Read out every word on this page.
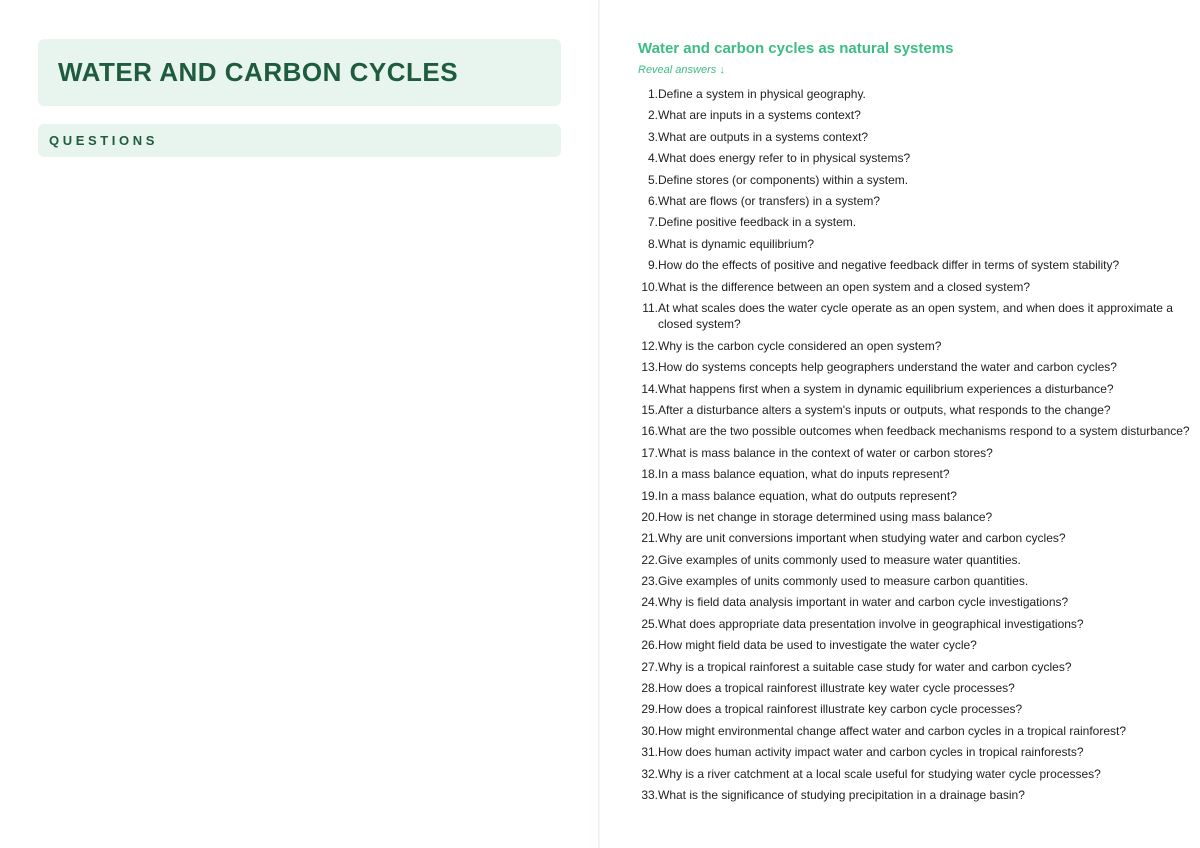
WATER AND CARBON CYCLES
QUESTIONS
Water and carbon cycles as natural systems
Reveal answers ↓
1. Define a system in physical geography.
2. What are inputs in a systems context?
3. What are outputs in a systems context?
4. What does energy refer to in physical systems?
5. Define stores (or components) within a system.
6. What are flows (or transfers) in a system?
7. Define positive feedback in a system.
8. What is dynamic equilibrium?
9. How do the effects of positive and negative feedback differ in terms of system stability?
10. What is the difference between an open system and a closed system?
11. At what scales does the water cycle operate as an open system, and when does it approximate a closed system?
12. Why is the carbon cycle considered an open system?
13. How do systems concepts help geographers understand the water and carbon cycles?
14. What happens first when a system in dynamic equilibrium experiences a disturbance?
15. After a disturbance alters a system's inputs or outputs, what responds to the change?
16. What are the two possible outcomes when feedback mechanisms respond to a system disturbance?
17. What is mass balance in the context of water or carbon stores?
18. In a mass balance equation, what do inputs represent?
19. In a mass balance equation, what do outputs represent?
20. How is net change in storage determined using mass balance?
21. Why are unit conversions important when studying water and carbon cycles?
22. Give examples of units commonly used to measure water quantities.
23. Give examples of units commonly used to measure carbon quantities.
24. Why is field data analysis important in water and carbon cycle investigations?
25. What does appropriate data presentation involve in geographical investigations?
26. How might field data be used to investigate the water cycle?
27. Why is a tropical rainforest a suitable case study for water and carbon cycles?
28. How does a tropical rainforest illustrate key water cycle processes?
29. How does a tropical rainforest illustrate key carbon cycle processes?
30. How might environmental change affect water and carbon cycles in a tropical rainforest?
31. How does human activity impact water and carbon cycles in tropical rainforests?
32. Why is a river catchment at a local scale useful for studying water cycle processes?
33. What is the significance of studying precipitation in a drainage basin?
